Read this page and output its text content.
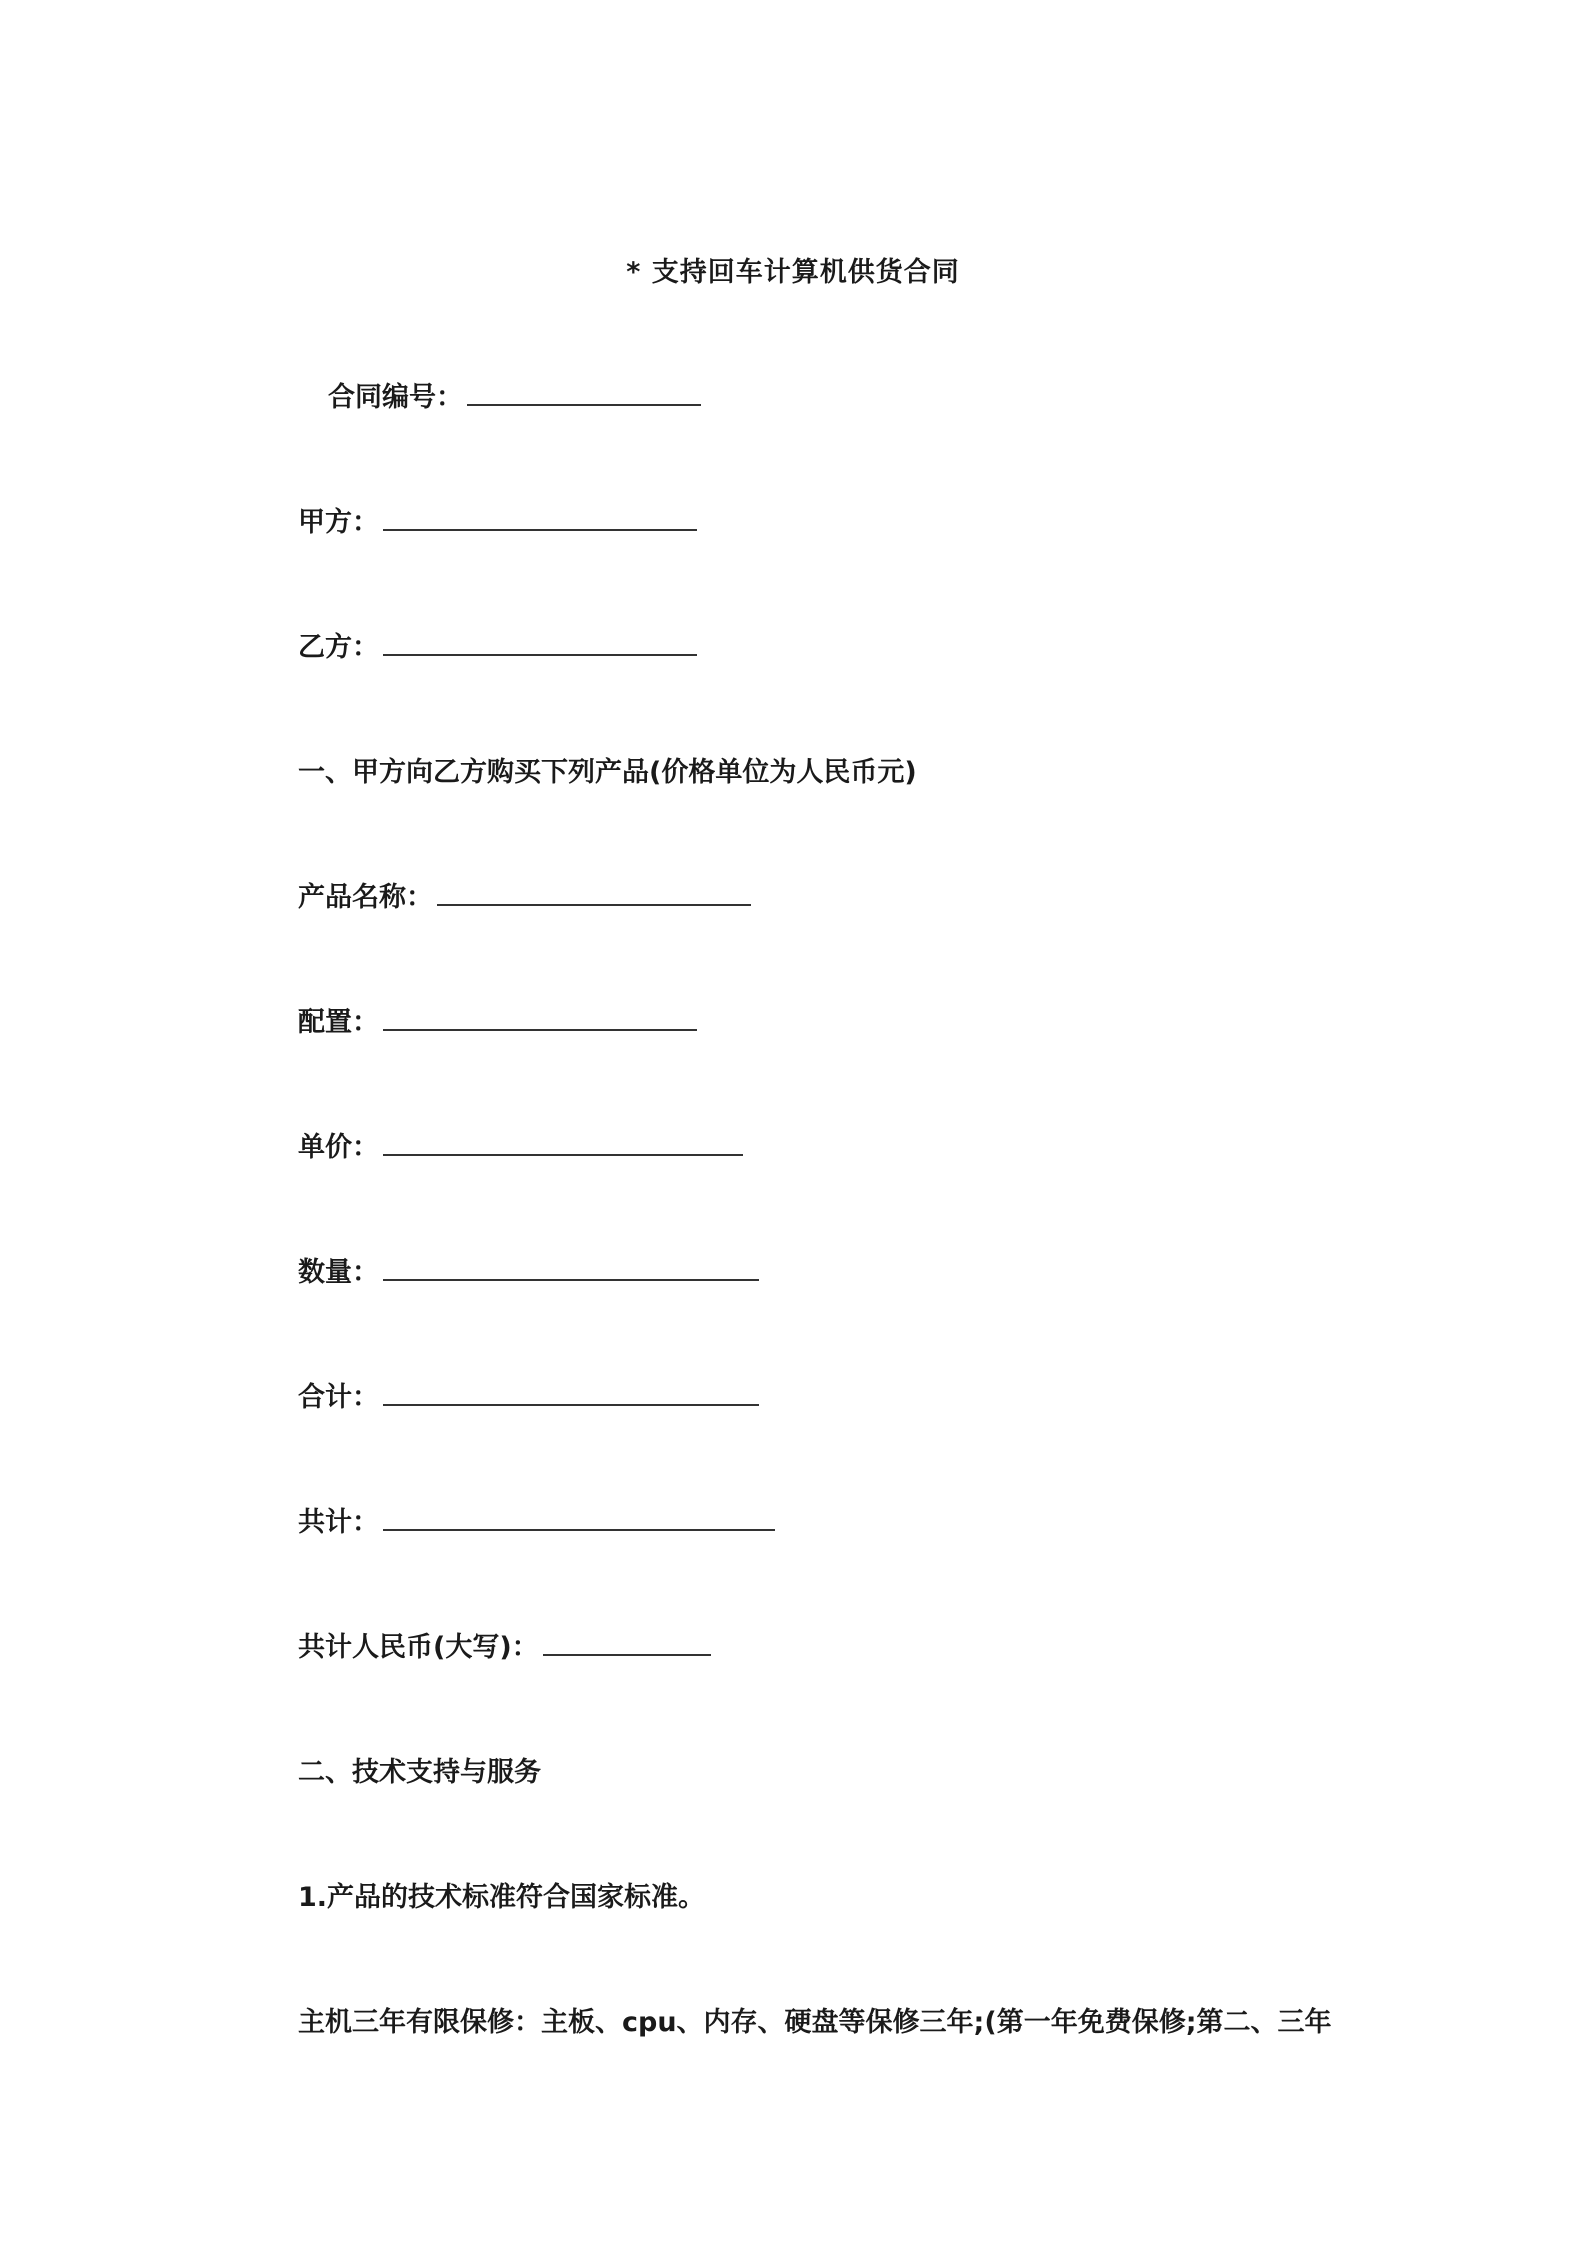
* 支持回车计算机供货合同
合同编号：
甲方：
乙方：
一、甲方向乙方购买下列产品(价格单位为人民币元)
产品名称：
配置：
单价：
数量：
合计：
共计：
共计人民币(大写)：
二、技术支持与服务
1.产品的技术标准符合国家标准。
主机三年有限保修：主板、cpu、内存、硬盘等保修三年;(第一年免费保修;第二、三年
